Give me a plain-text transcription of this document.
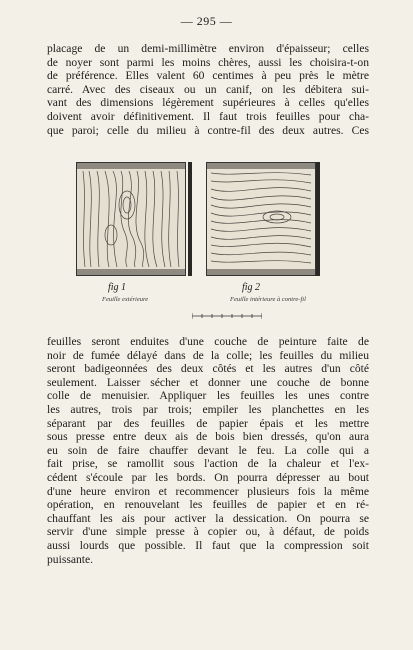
— 295 —
placage de un demi-millimètre environ d'épaisseur; celles
de noyer sont parmi les moins chères, aussi les choisira-t-on
de préférence. Elles valent 60 centimes à peu près le mètre
carré. Avec des ciseaux ou un canif, on les débitera sui-
vant des dimensions légèrement supérieures à celles qu'elles
doivent avoir définitivement. Il faut trois feuilles pour cha-
que paroi; celle du milieu à contre-fil des deux autres. Ces
fig 1
Feuille extérieure
fig 2
Feuille intérieure à contre-fil
feuilles seront enduites d'une couche de peinture faite de
noir de fumée délayé dans de la colle; les feuilles du milieu
seront badigeonnées des deux côtés et les autres d'un côté
seulement. Laisser sécher et donner une couche de bonne
colle de menuisier. Appliquer les feuilles les unes contre
les autres, trois par trois; empiler les planchettes en les
séparant par des feuilles de papier épais et les mettre
sous presse entre deux ais de bois bien dressés, qu'on aura
eu soin de faire chauffer devant le feu. La colle qui a
fait prise, se ramollit sous l'action de la chaleur et l'ex-
cédent s'écoule par les bords. On pourra dépresser au bout
d'une heure environ et recommencer plusieurs fois la même
opération, en renouvelant les feuilles de papier et en ré-
chauffant les ais pour activer la dessication. On pourra se
servir d'une simple presse à copier ou, à défaut, de poids
aussi lourds que possible. Il faut que la compression soit
puissante.
